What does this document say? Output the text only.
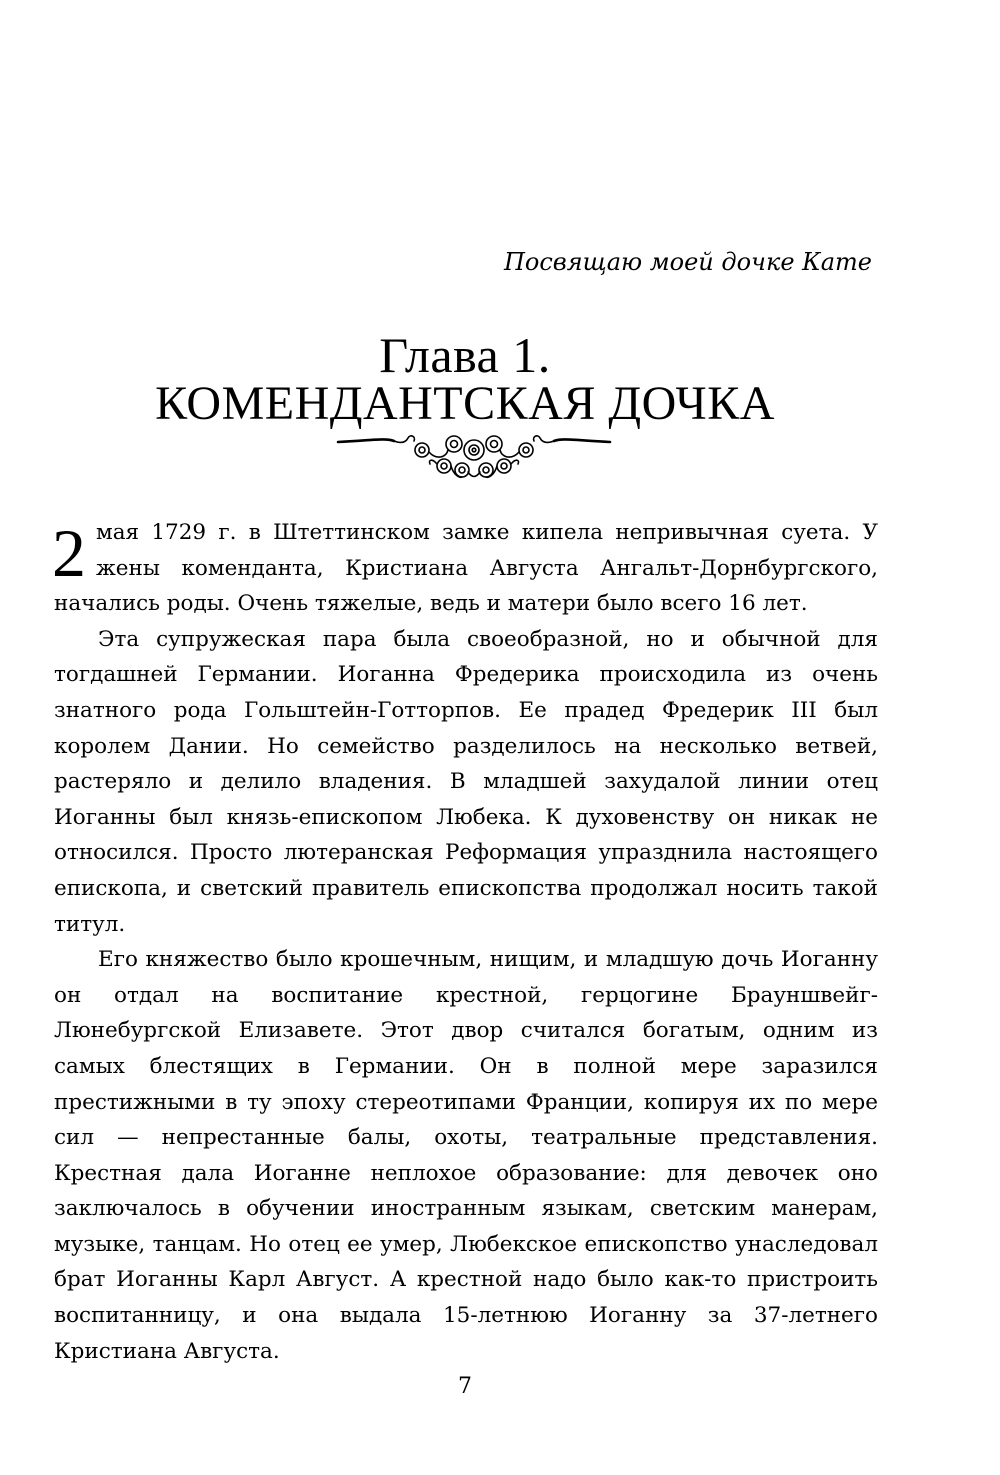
Посвящаю моей дочке Кате
Глава 1.
КОМЕНДАНТСКАЯ ДОЧКА

2 мая 1729 г. в Штеттинском замке кипела непривычная суета. У жены коменданта, Кристиана Августа Ангальт-Дорнбургского, начались роды. Очень тяжелые, ведь и матери было всего 16 лет.

Эта супружеская пара была своеобразной, но и обычной для тогдашней Германии. Иоганна Фредерика происходила из очень знатного рода Гольштейн-Готторпов. Ее прадед Фредерик III был королем Дании. Но семейство разделилось на несколько ветвей, растеряло и делило владения. В младшей захудалой линии отец Иоганны был князь-епископом Любека. К духовенству он никак не относился. Просто лютеранская Реформация упразднила настоящего епископа, и светский правитель епископства продолжал носить такой титул.

Его княжество было крошечным, нищим, и младшую дочь Иоганну он отдал на воспитание крестной, герцогине Брауншвейг-Люнебургской Елизавете. Этот двор считался богатым, одним из самых блестящих в Германии. Он в полной мере заразился престижными в ту эпоху стереотипами Франции, копируя их по мере сил — непрестанные балы, охоты, театральные представления. Крестная дала Иоганне неплохое образование: для девочек оно заключалось в обучении иностранным языкам, светским манерам, музыке, танцам. Но отец ее умер, Любекское епископство унаследовал брат Иоганны Карл Август. А крестной надо было как-то пристроить воспитанницу, и она выдала 15-летнюю Иоганну за 37-летнего Кристиана Августа.

7
